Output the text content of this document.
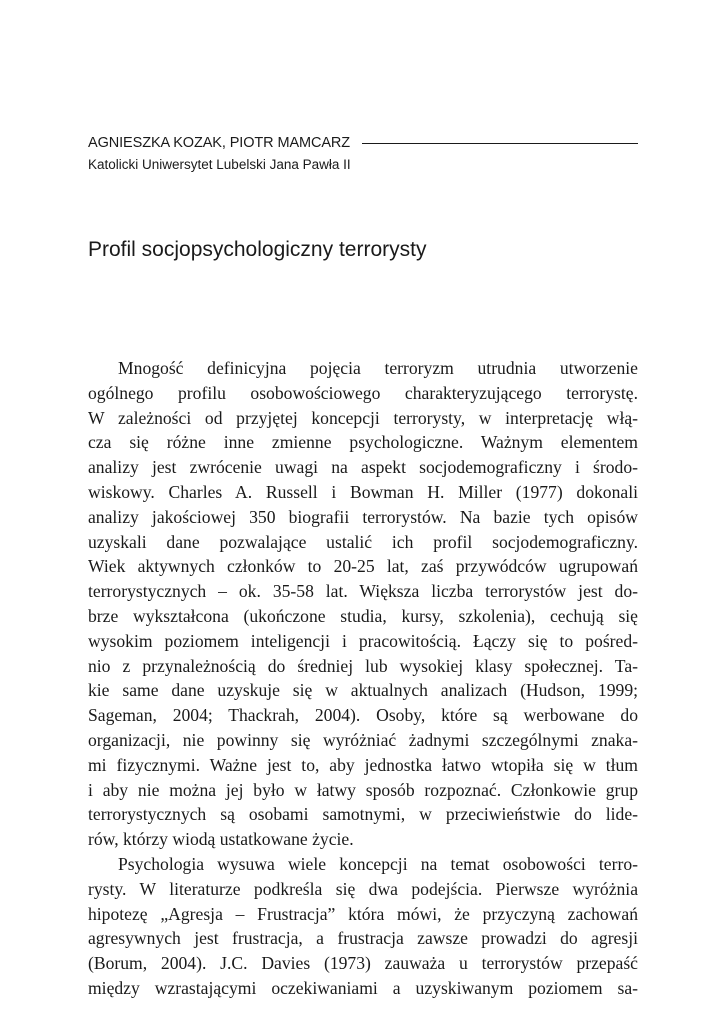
AGNIESZKA KOZAK, PIOTR MAMCARZ
Katolicki Uniwersytet Lubelski Jana Pawła II
Profil socjopsychologiczny terrorysty

Mnogość definicyjna pojęcia terroryzm utrudnia utworzenie
ogólnego profilu osobowościowego charakteryzującego terrorystę.
W zależności od przyjętej koncepcji terrorysty, w interpretację włą-
cza się różne inne zmienne psychologiczne. Ważnym elementem
analizy jest zwrócenie uwagi na aspekt socjodemograficzny i środo-
wiskowy. Charles A. Russell i Bowman H. Miller (1977) dokonali
analizy jakościowej 350 biografii terrorystów. Na bazie tych opisów
uzyskali dane pozwalające ustalić ich profil socjodemograficzny.
Wiek aktywnych członków to 20-25 lat, zaś przywódców ugrupowań
terrorystycznych – ok. 35-58 lat. Większa liczba terrorystów jest do-
brze wykształcona (ukończone studia, kursy, szkolenia), cechują się
wysokim poziomem inteligencji i pracowitością. Łączy się to pośred-
nio z przynależnością do średniej lub wysokiej klasy społecznej. Ta-
kie same dane uzyskuje się w aktualnych analizach (Hudson, 1999;
Sageman, 2004; Thackrah, 2004). Osoby, które są werbowane do
organizacji, nie powinny się wyróżniać żadnymi szczególnymi znaka-
mi fizycznymi. Ważne jest to, aby jednostka łatwo wtopiła się w tłum
i aby nie można jej było w łatwy sposób rozpoznać. Członkowie grup
terrorystycznych są osobami samotnymi, w przeciwieństwie do lide-
rów, którzy wiodą ustatkowane życie.

Psychologia wysuwa wiele koncepcji na temat osobowości terro-
rysty. W literaturze podkreśla się dwa podejścia. Pierwsze wyróżnia
hipotezę „Agresja – Frustracja” która mówi, że przyczyną zachowań
agresywnych jest frustracja, a frustracja zawsze prowadzi do agresji
(Borum, 2004). J.C. Davies (1973) zauważa u terrorystów przepaść
między wzrastającymi oczekiwaniami a uzyskiwanym poziomem sa-
